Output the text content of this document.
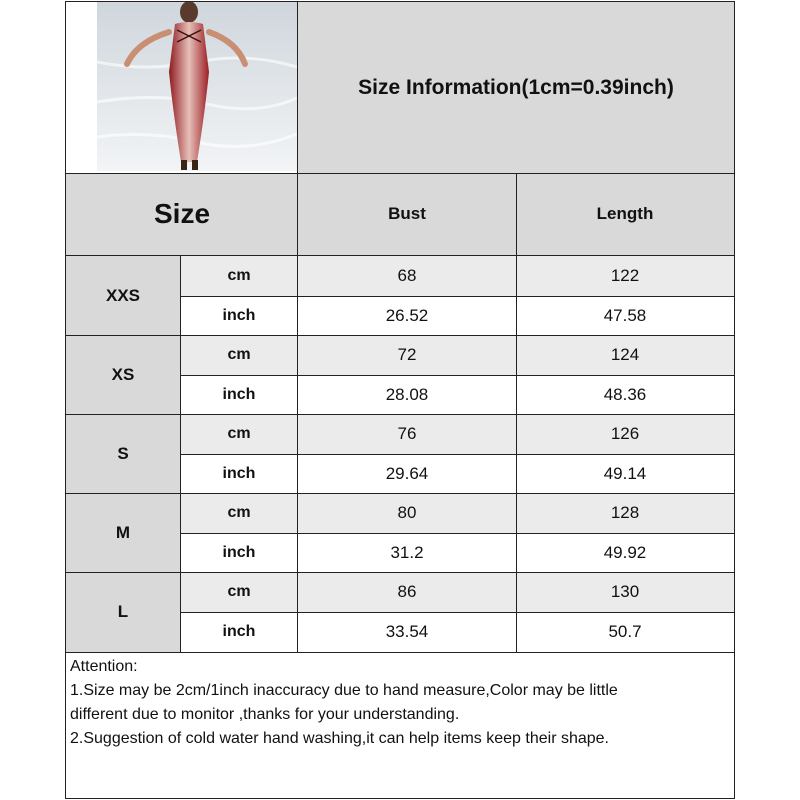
Size Information(1cm=0.39inch)
Size	Bust	Length
XXS
cm	68	122
inch	26.52	47.58
XS
cm	72	124
inch	28.08	48.36
S
cm	76	126
inch	29.64	49.14
M
cm	80	128
inch	31.2	49.92
L
cm	86	130
inch	33.54	50.7
Attention:
1.Size may be 2cm/1inch inaccuracy due to hand measure,Color may be little
different due to monitor ,thanks for your understanding.
2.Suggestion of cold water hand washing,it can help items keep their shape.
